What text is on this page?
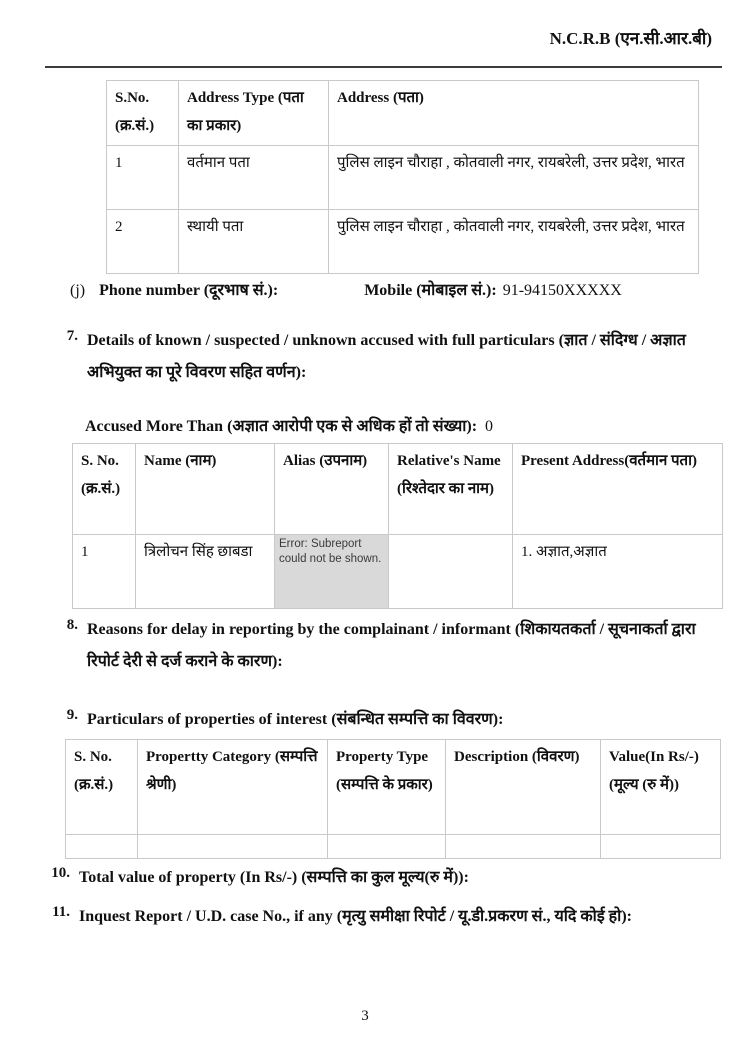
N.C.R.B (एन.सी.आर.बी)
S.No. (क्र.सं.)	Address Type (पता का प्रकार)	Address (पता)
1	वर्तमान पता	पुलिस लाइन चौराहा , कोतवाली नगर, रायबरेली, उत्तर प्रदेश, भारत
2	स्थायी पता	पुलिस लाइन चौराहा , कोतवाली नगर, रायबरेली, उत्तर प्रदेश, भारत
(j) Phone number (दूरभाष सं.):	Mobile (मोबाइल सं.): 91-94150XXXXX
7. Details of known / suspected / unknown accused with full particulars (ज्ञात / संदिग्ध / अज्ञात अभियुक्त का पूरे विवरण सहित वर्णन):
Accused More Than (अज्ञात आरोपी एक से अधिक हों तो संख्या): 0
S. No. (क्र.सं.)	Name (नाम)	Alias (उपनाम)	Relative's Name (रिश्तेदार का नाम)	Present Address(वर्तमान पता)
1	त्रिलोचन सिंह छाबडा	Error: Subreport could not be shown.		1. अज्ञात,अज्ञात
8. Reasons for delay in reporting by the complainant / informant (शिकायतकर्ता / सूचनाकर्ता द्वारा रिपोर्ट देरी से दर्ज कराने के कारण):
9. Particulars of properties of interest (संबन्धित सम्पत्ति का विवरण):
S. No. (क्र.सं.)	Propertty Category (सम्पत्ति श्रेणी)	Property Type (सम्पत्ति के प्रकार)	Description (विवरण)	Value(In Rs/-) (मूल्य (रु में))

10. Total value of property (In Rs/-) (सम्पत्ति का कुल मूल्य(रु में)):
11. Inquest Report / U.D. case No., if any (मृत्यु समीक्षा रिपोर्ट / यू.डी.प्रकरण सं., यदि कोई हो):
3
